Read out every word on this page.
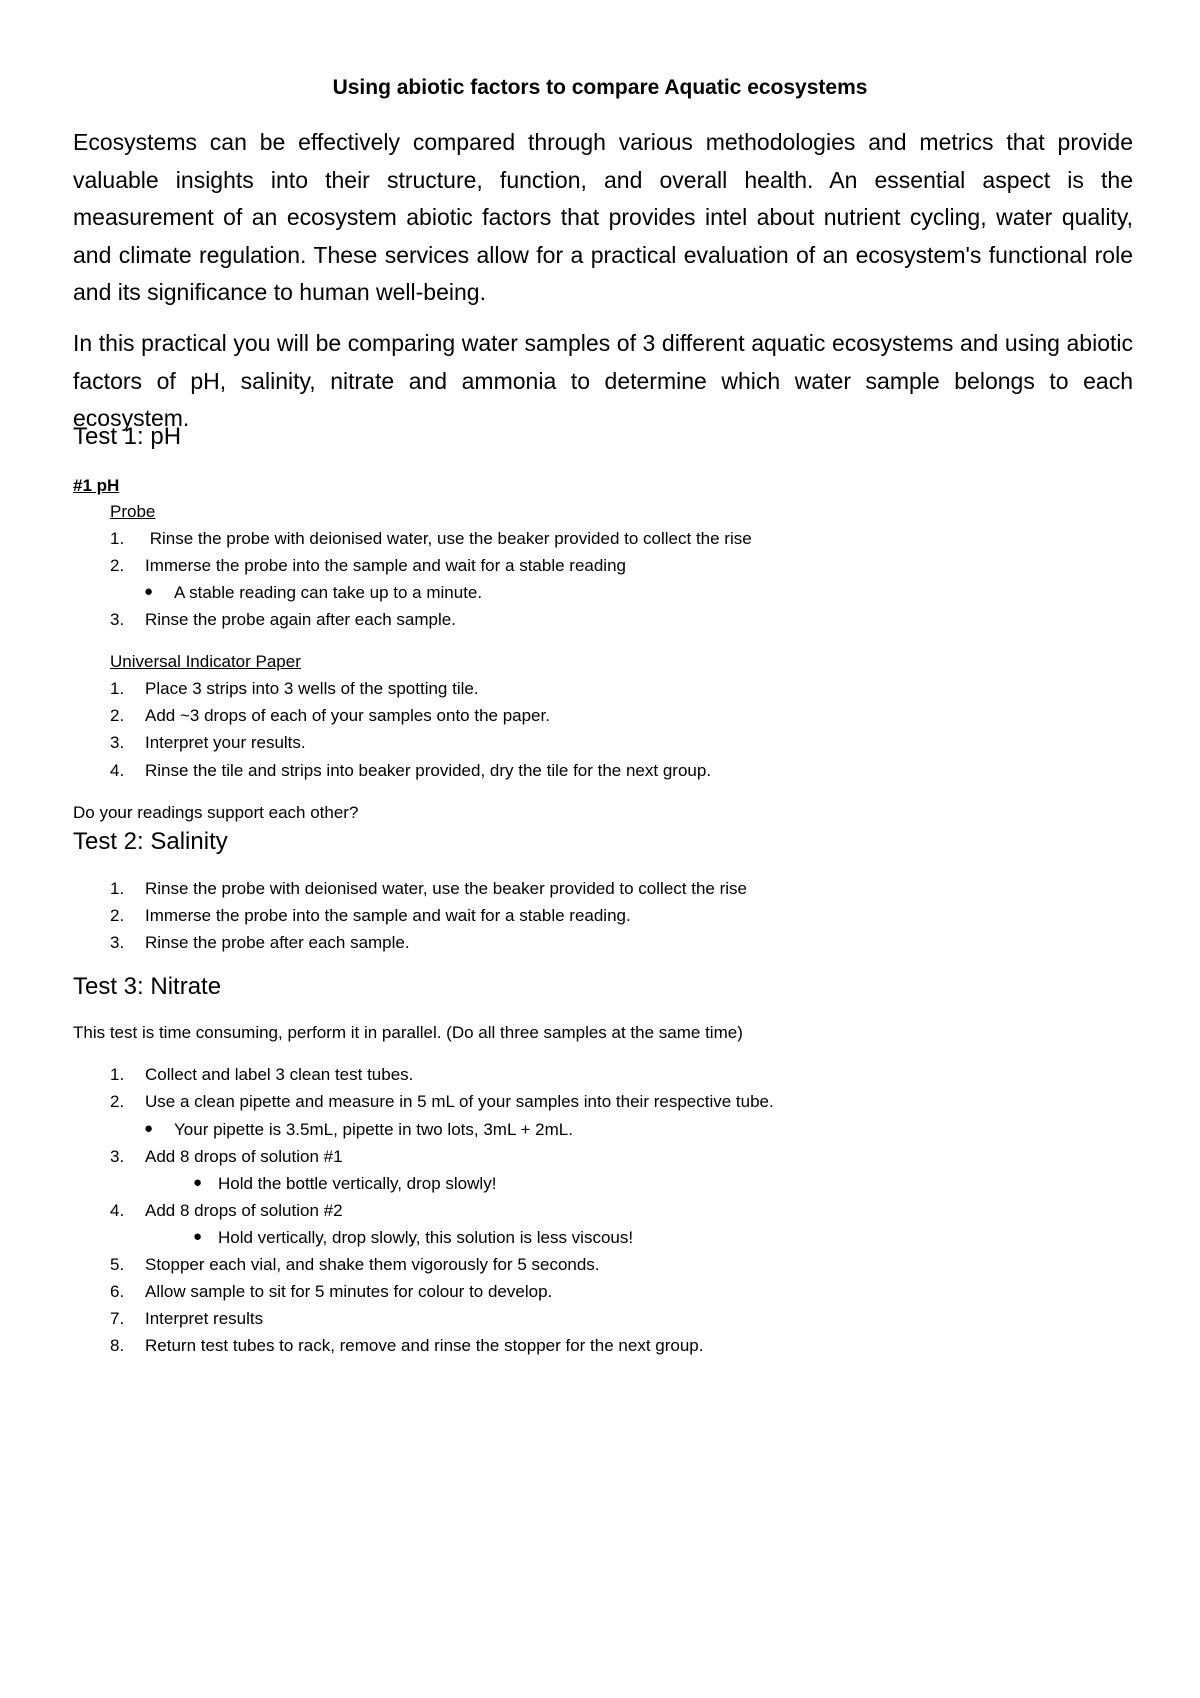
Using abiotic factors to compare Aquatic ecosystems
Ecosystems can be effectively compared through various methodologies and metrics that provide valuable insights into their structure, function, and overall health. An essential aspect is the measurement of an ecosystem abiotic factors that provides intel about nutrient cycling, water quality, and climate regulation. These services allow for a practical evaluation of an ecosystem's functional role and its significance to human well-being.
In this practical you will be comparing water samples of 3 different aquatic ecosystems and using abiotic factors of pH, salinity, nitrate and ammonia to determine which water sample belongs to each ecosystem.
Test 1: pH
#1 pH
Probe
1.	Rinse the probe with deionised water, use the beaker provided to collect the rise
2.	Immerse the probe into the sample and wait for a stable reading
● A stable reading can take up to a minute.
3.	Rinse the probe again after each sample.
Universal Indicator Paper
1.	Place 3 strips into 3 wells of the spotting tile.
2.	Add ~3 drops of each of your samples onto the paper.
3.	Interpret your results.
4.	Rinse the tile and strips into beaker provided, dry the tile for the next group.
Do your readings support each other?
Test 2: Salinity
1.	Rinse the probe with deionised water, use the beaker provided to collect the rise
2.	Immerse the probe into the sample and wait for a stable reading.
3.	Rinse the probe after each sample.
Test 3: Nitrate
This test is time consuming, perform it in parallel. (Do all three samples at the same time)
1.	Collect and label 3 clean test tubes.
2.	Use a clean pipette and measure in 5 mL of your samples into their respective tube.
● Your pipette is 3.5mL, pipette in two lots, 3mL + 2mL.
3.	Add 8 drops of solution #1
● Hold the bottle vertically, drop slowly!
4.	Add 8 drops of solution #2
● Hold vertically, drop slowly, this solution is less viscous!
5.	Stopper each vial, and shake them vigorously for 5 seconds.
6.	Allow sample to sit for 5 minutes for colour to develop.
7.	Interpret results
8.	Return test tubes to rack, remove and rinse the stopper for the next group.
